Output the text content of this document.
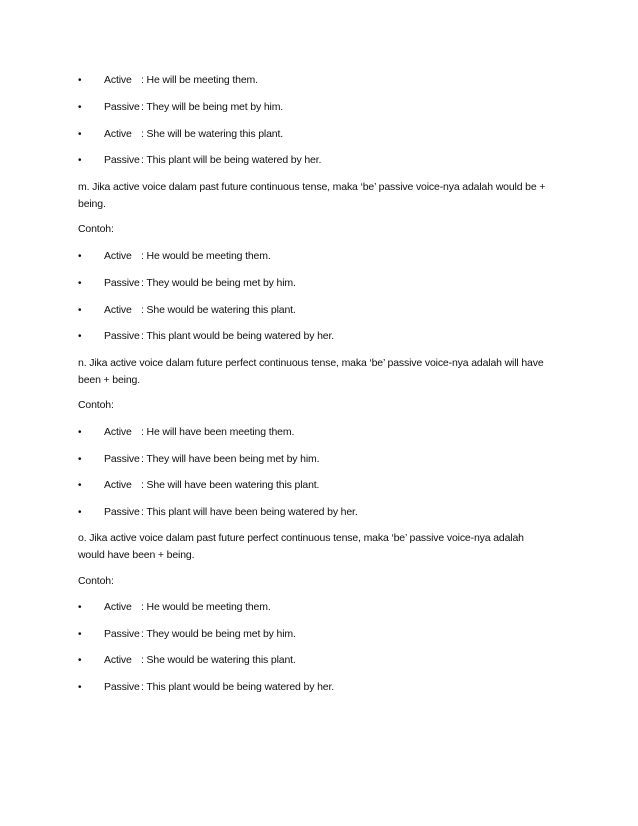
• Active : He will be meeting them.
• Passive : They will be being met by him.
• Active : She will be watering this plant.
• Passive : This plant will be being watered by her.
m. Jika active voice dalam past future continuous tense, maka ‘be’ passive voice-nya adalah would be +
being.
Contoh:
• Active : He would be meeting them.
• Passive : They would be being met by him.
• Active : She would be watering this plant.
• Passive : This plant would be being watered by her.
n. Jika active voice dalam future perfect continuous tense, maka ‘be’ passive voice-nya adalah will have
been + being.
Contoh:
• Active : He will have been meeting them.
• Passive : They will have been being met by him.
• Active : She will have been watering this plant.
• Passive : This plant will have been being watered by her.
o. Jika active voice dalam past future perfect continuous tense, maka ‘be’ passive voice-nya adalah
would have been + being.
Contoh:
• Active : He would be meeting them.
• Passive : They would be being met by him.
• Active : She would be watering this plant.
• Passive : This plant would be being watered by her.
